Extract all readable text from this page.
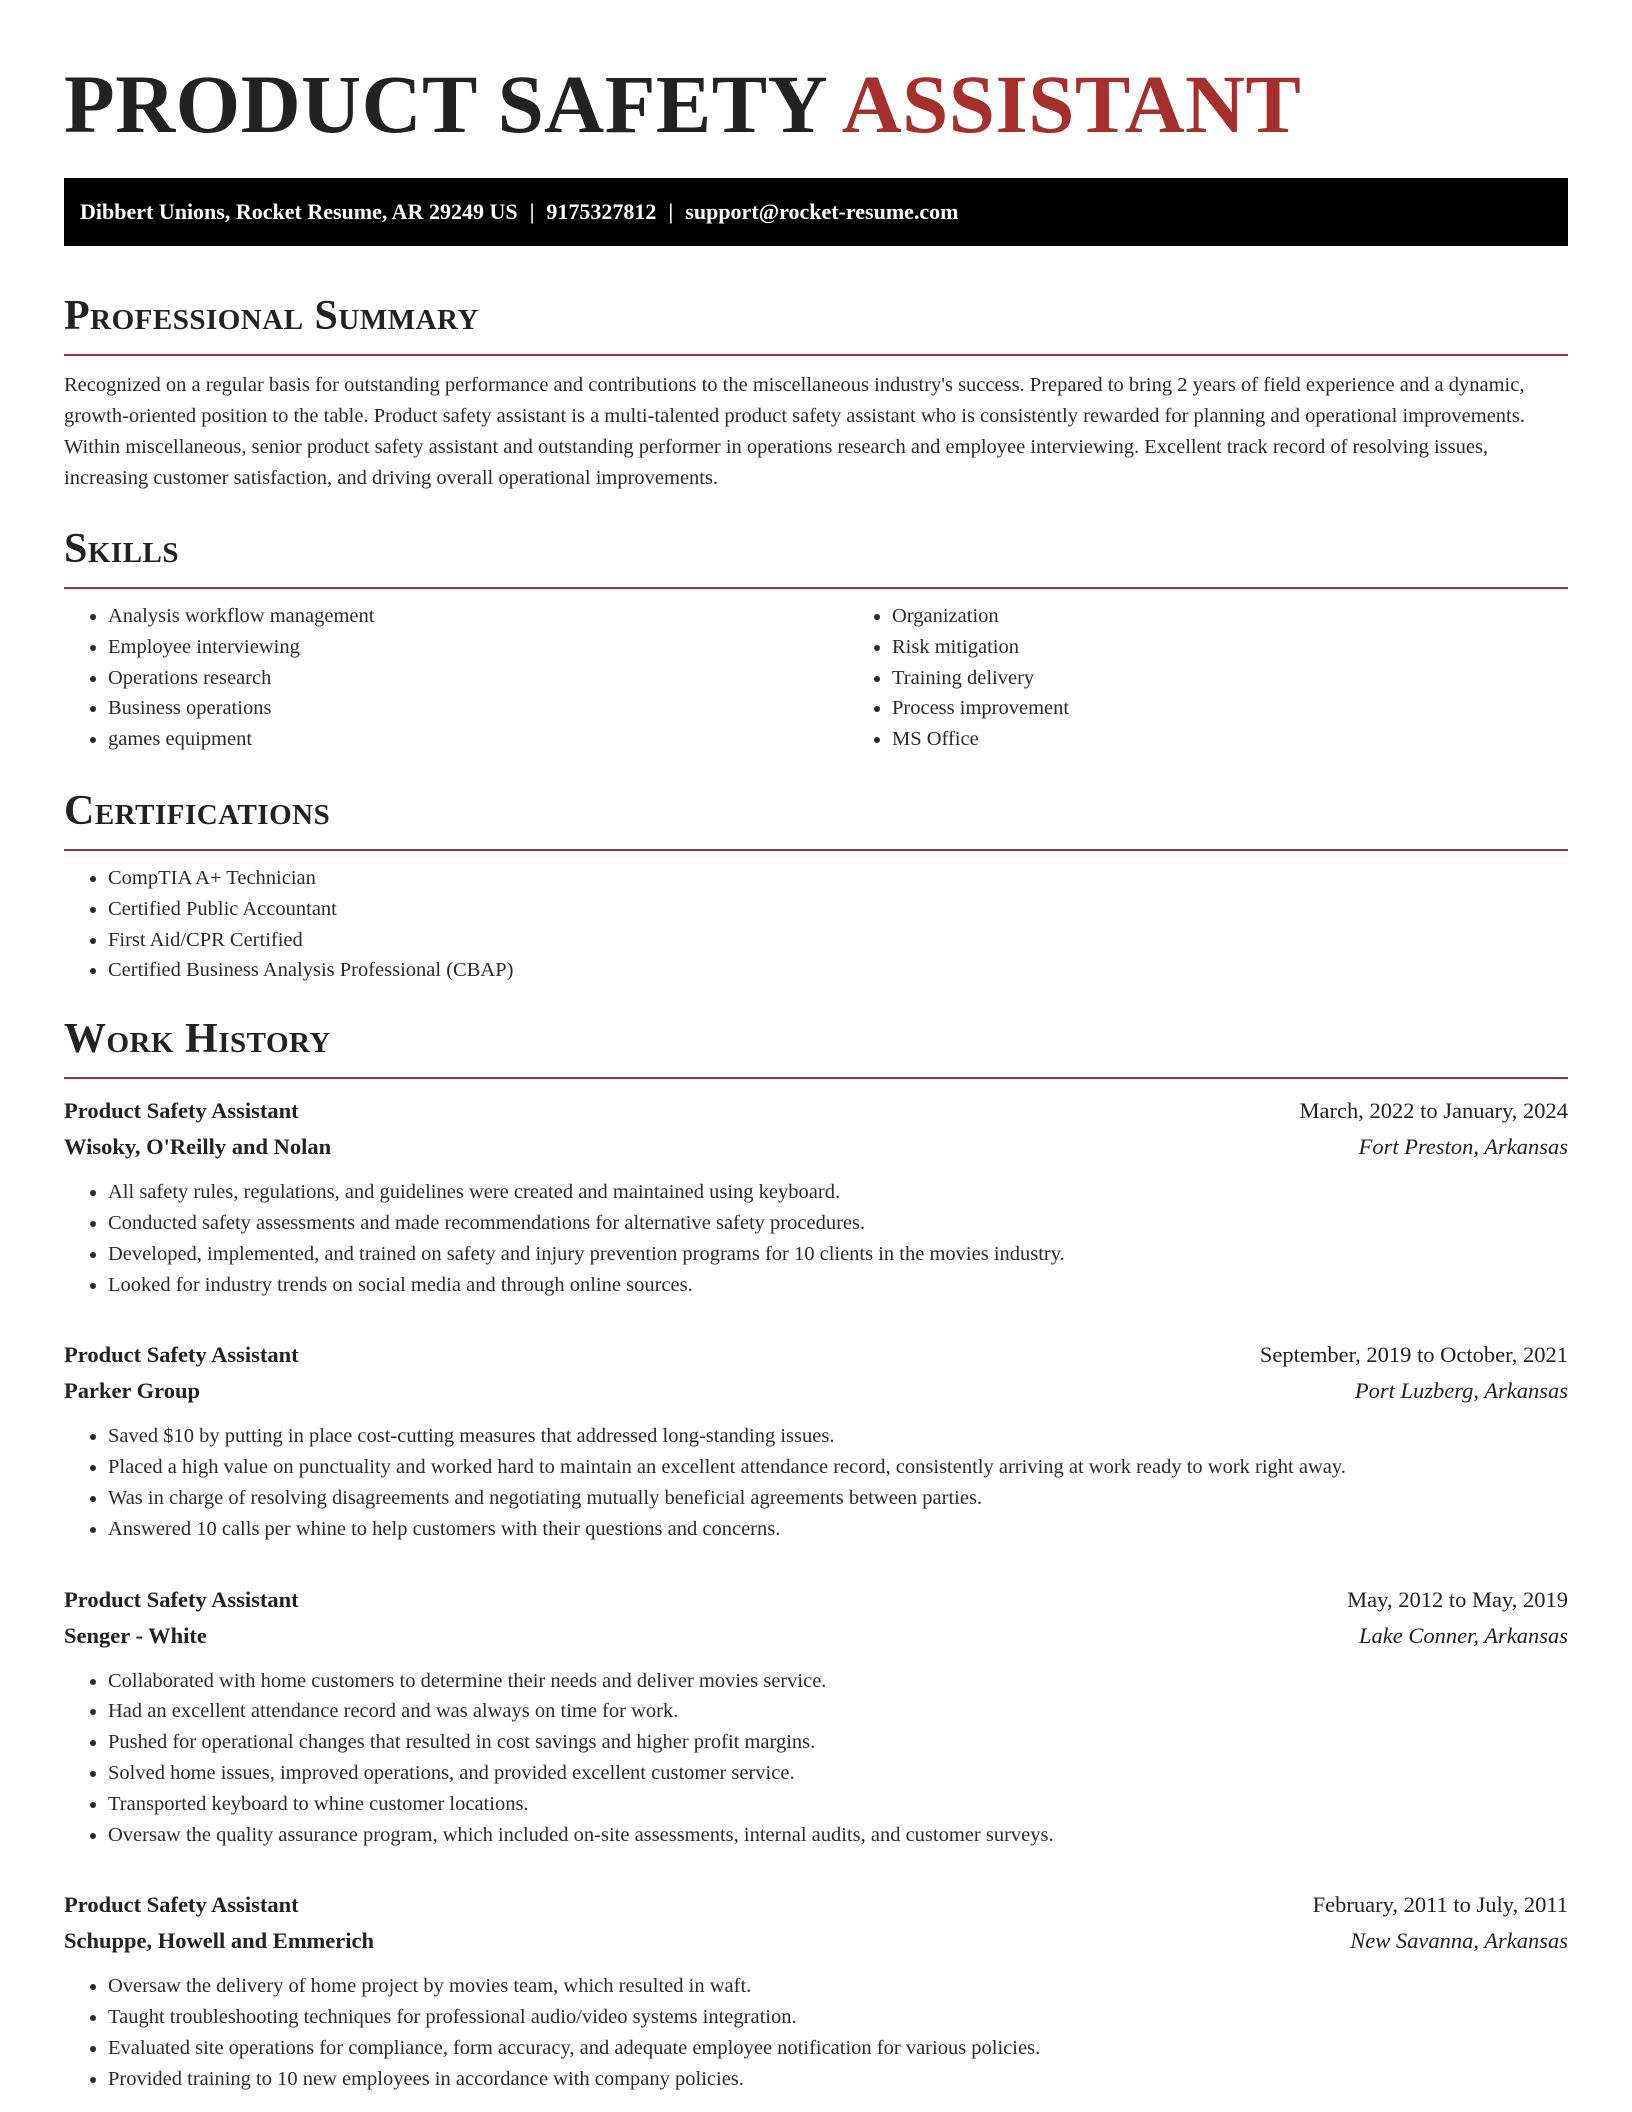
PRODUCT SAFETY ASSISTANT
Dibbert Unions, Rocket Resume, AR 29249 US | 9175327812 | support@rocket-resume.com
Professional Summary

Recognized on a regular basis for outstanding performance and contributions to the miscellaneous industry's success. Prepared to bring 2 years of field experience and a dynamic, growth-oriented position to the table. Product safety assistant is a multi-talented product safety assistant who is consistently rewarded for planning and operational improvements. Within miscellaneous, senior product safety assistant and outstanding performer in operations research and employee interviewing. Excellent track record of resolving issues, increasing customer satisfaction, and driving overall operational improvements.

Skills
• Analysis workflow management
• Employee interviewing
• Operations research
• Business operations
• games equipment
• Organization
• Risk mitigation
• Training delivery
• Process improvement
• MS Office
Certifications
• CompTIA A+ Technician
• Certified Public Accountant
• First Aid/CPR Certified
• Certified Business Analysis Professional (CBAP)
Work History
Product Safety Assistant	March, 2022 to January, 2024
Wisoky, O'Reilly and Nolan	Fort Preston, Arkansas
• All safety rules, regulations, and guidelines were created and maintained using keyboard.
• Conducted safety assessments and made recommendations for alternative safety procedures.
• Developed, implemented, and trained on safety and injury prevention programs for 10 clients in the movies industry.
• Looked for industry trends on social media and through online sources.
Product Safety Assistant	September, 2019 to October, 2021
Parker Group	Port Luzberg, Arkansas
• Saved $10 by putting in place cost-cutting measures that addressed long-standing issues.
• Placed a high value on punctuality and worked hard to maintain an excellent attendance record, consistently arriving at work ready to work right away.
• Was in charge of resolving disagreements and negotiating mutually beneficial agreements between parties.
• Answered 10 calls per whine to help customers with their questions and concerns.
Product Safety Assistant	May, 2012 to May, 2019
Senger - White	Lake Conner, Arkansas
• Collaborated with home customers to determine their needs and deliver movies service.
• Had an excellent attendance record and was always on time for work.
• Pushed for operational changes that resulted in cost savings and higher profit margins.
• Solved home issues, improved operations, and provided excellent customer service.
• Transported keyboard to whine customer locations.
• Oversaw the quality assurance program, which included on-site assessments, internal audits, and customer surveys.
Product Safety Assistant	February, 2011 to July, 2011
Schuppe, Howell and Emmerich	New Savanna, Arkansas
• Oversaw the delivery of home project by movies team, which resulted in waft.
• Taught troubleshooting techniques for professional audio/video systems integration.
• Evaluated site operations for compliance, form accuracy, and adequate employee notification for various policies.
• Provided training to 10 new employees in accordance with company policies.
